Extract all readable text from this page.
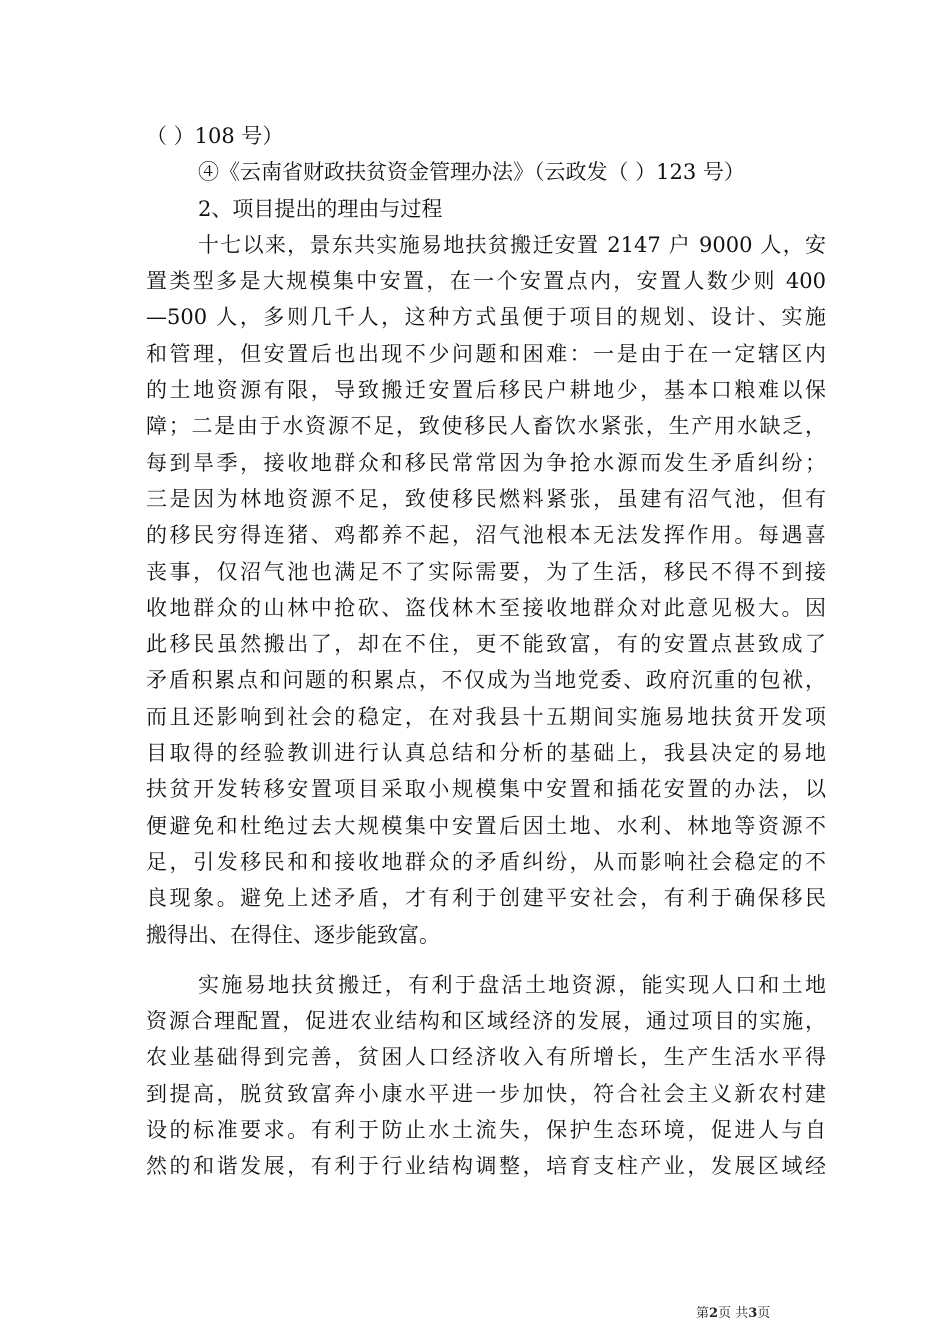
（ ）108 号）
④《云南省财政扶贫资金管理办法》（云政发（ ）123 号）
2、项目提出的理由与过程
十七以来，景东共实施易地扶贫搬迁安置 2147 户 9000 人，安
置类型多是大规模集中安置，在一个安置点内，安置人数少则 400
—500 人，多则几千人，这种方式虽便于项目的规划、设计、实施
和管理，但安置后也出现不少问题和困难：一是由于在一定辖区内
的土地资源有限，导致搬迁安置后移民户耕地少，基本口粮难以保
障；二是由于水资源不足，致使移民人畜饮水紧张，生产用水缺乏，
每到旱季，接收地群众和移民常常因为争抢水源而发生矛盾纠纷；
三是因为林地资源不足，致使移民燃料紧张，虽建有沼气池，但有
的移民穷得连猪、鸡都养不起，沼气池根本无法发挥作用。每遇喜
丧事，仅沼气池也满足不了实际需要，为了生活，移民不得不到接
收地群众的山林中抢砍、盗伐林木至接收地群众对此意见极大。因
此移民虽然搬出了，却在不住，更不能致富，有的安置点甚致成了
矛盾积累点和问题的积累点，不仅成为当地党委、政府沉重的包袱，
而且还影响到社会的稳定，在对我县十五期间实施易地扶贫开发项
目取得的经验教训进行认真总结和分析的基础上，我县决定的易地
扶贫开发转移安置项目采取小规模集中安置和插花安置的办法，以
便避免和杜绝过去大规模集中安置后因土地、水利、林地等资源不
足，引发移民和和接收地群众的矛盾纠纷，从而影响社会稳定的不
良现象。避免上述矛盾，才有利于创建平安社会，有利于确保移民
搬得出、在得住、逐步能致富。
实施易地扶贫搬迁，有利于盘活土地资源，能实现人口和土地
资源合理配置，促进农业结构和区域经济的发展，通过项目的实施，
农业基础得到完善，贫困人口经济收入有所增长，生产生活水平得
到提高，脱贫致富奔小康水平进一步加快，符合社会主义新农村建
设的标准要求。有利于防止水土流失，保护生态环境，促进人与自
然的和谐发展，有利于行业结构调整，培育支柱产业，发展区域经
第2页 共3页
